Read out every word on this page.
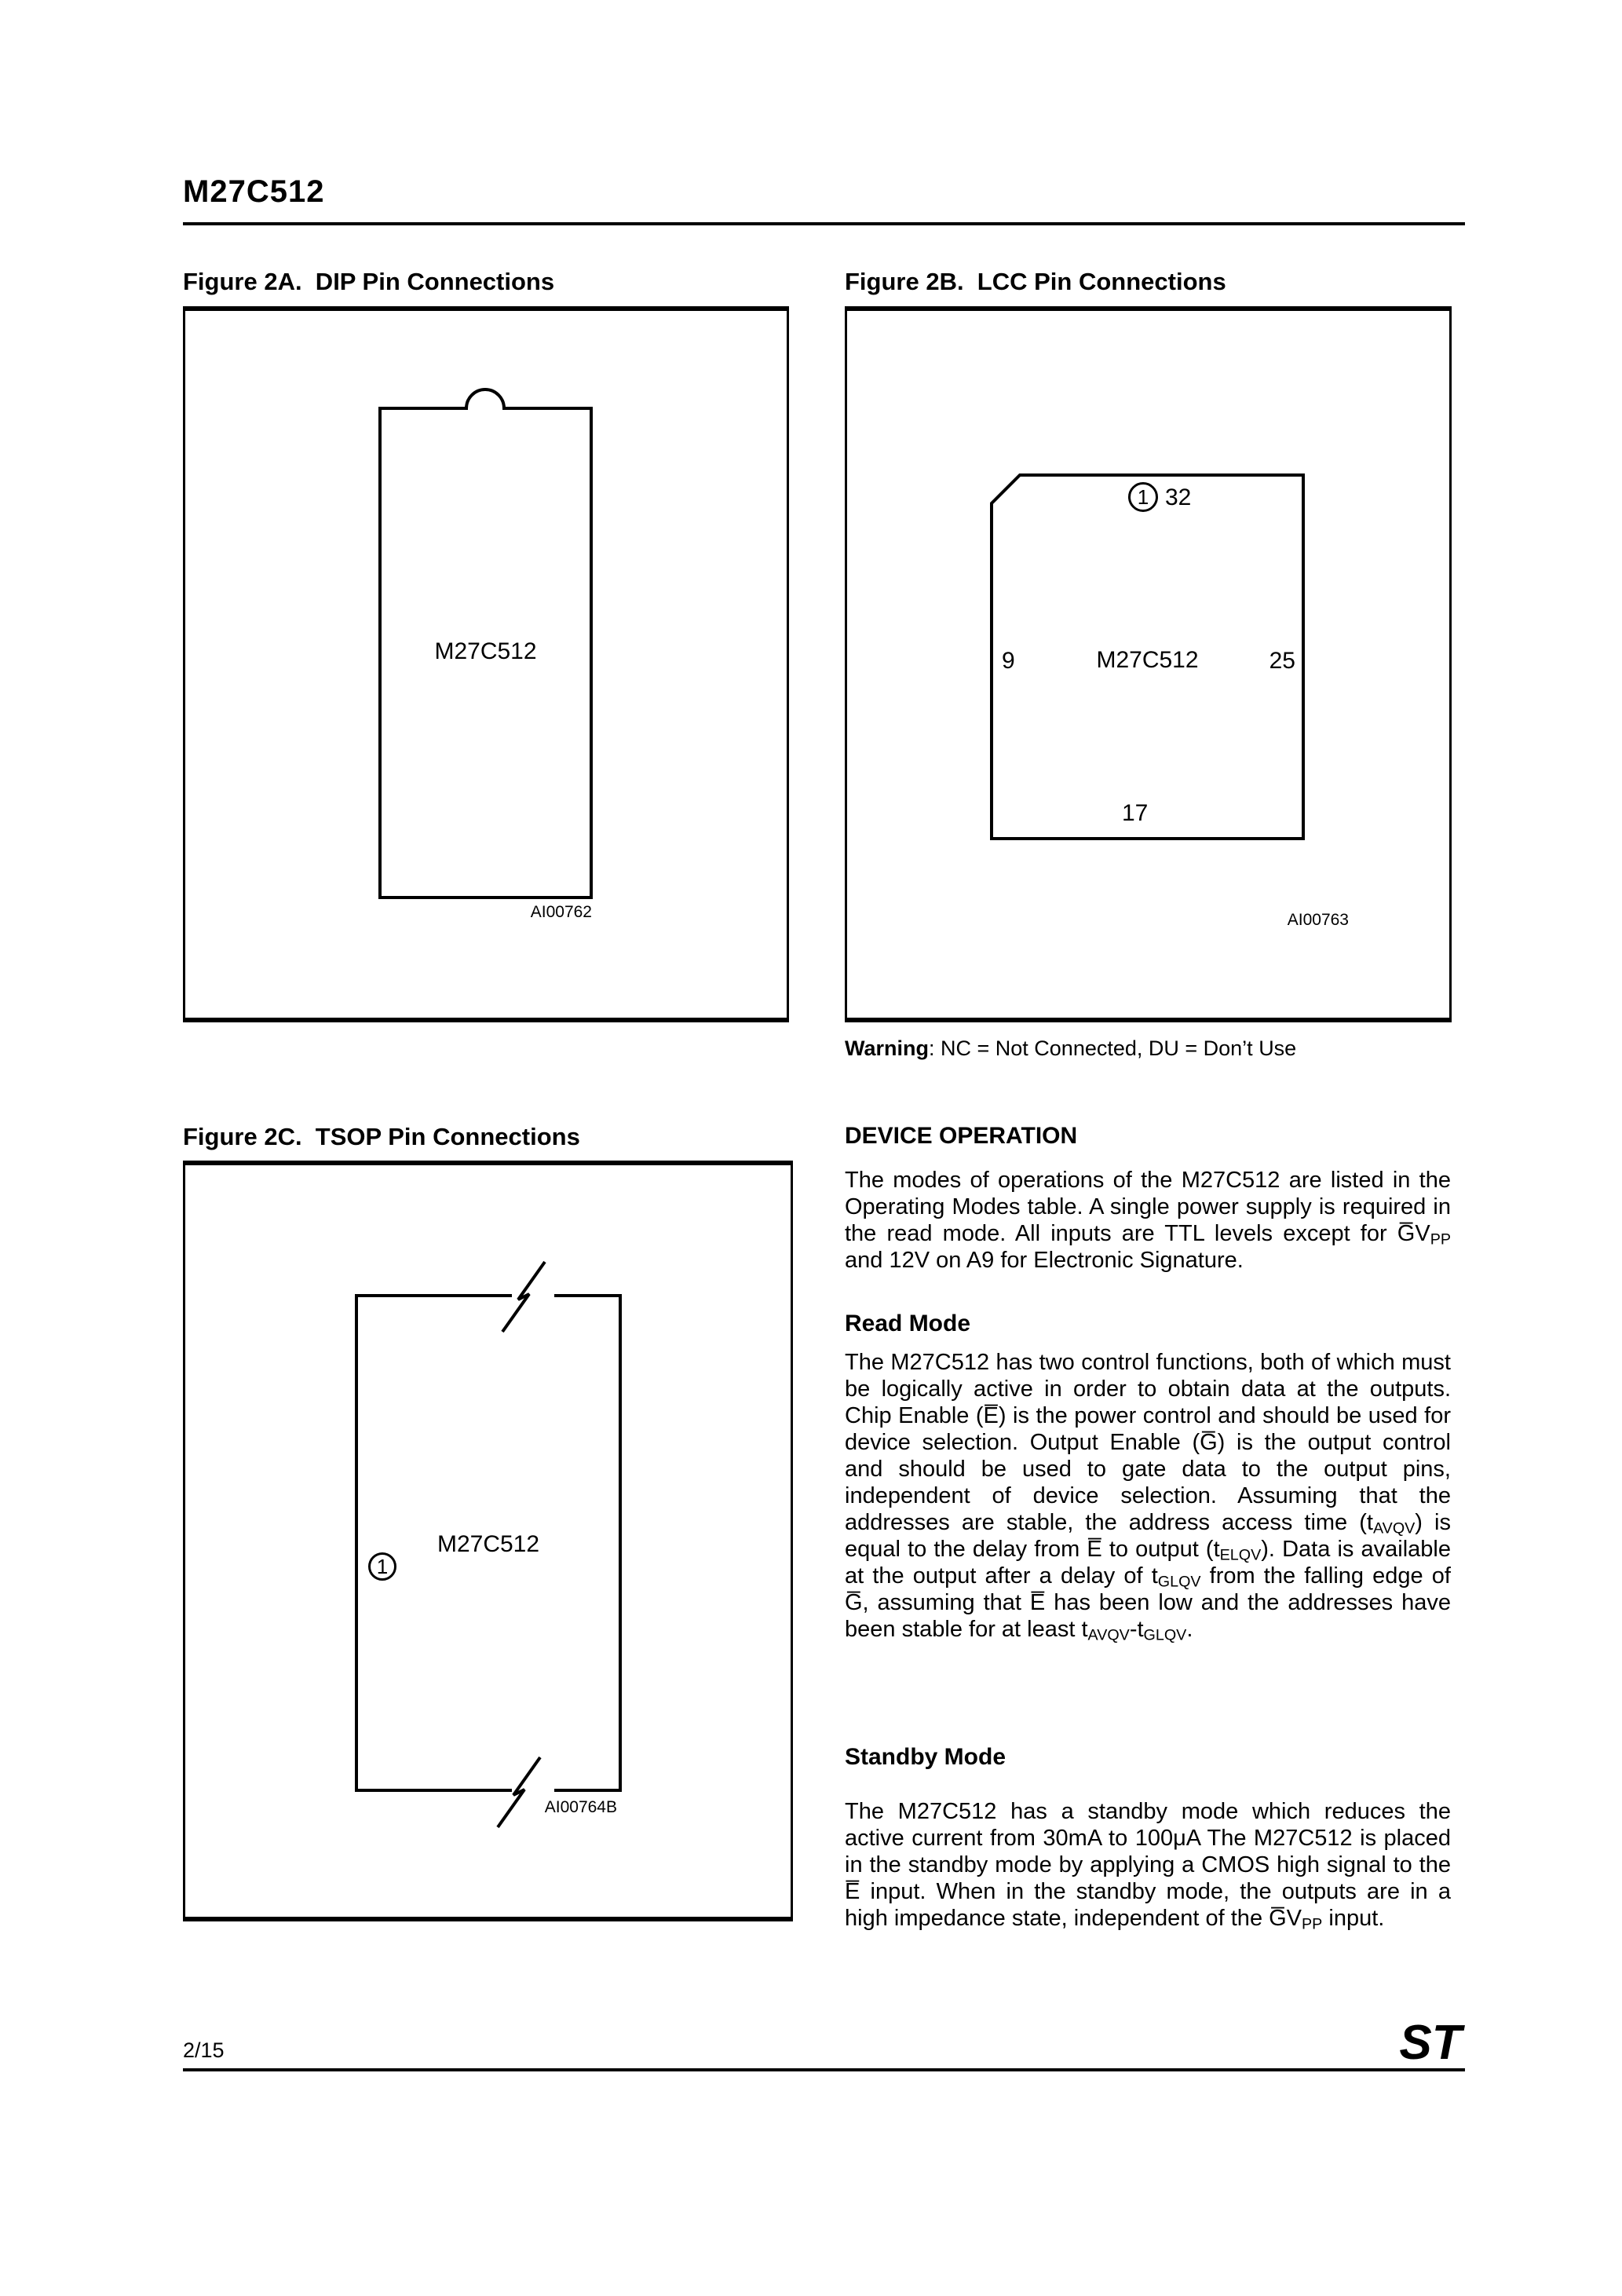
M27C512
Figure 2A.  DIP Pin Connections	Figure 2B.  LCC Pin Connections
Figure 2C.  TSOP Pin Connections
M27C512	M27C512
M27C512
AI00762	AI00763
AI00764B
9	25
17
32
1
1
Warning: NC = Not Connected, DU = Don’t Use
DEVICE OPERATION
The modes of operations of the M27C512 are listed in the Operating Modes table. A single power supply is required in the read mode. All inputs are TTL levels except for $G̅V_{PP}$ and 12V on A9 for Electronic Signature.
Read Mode
The M27C512 has two control functions, both of which must be logically active in order to obtain data at the outputs. Chip Enable (E̅) is the power control and should be used for device selection. Output Enable (G̅) is the output control and should be used to gate data to the output pins, independent of device selection. Assuming that the addresses are stable, the address access time $(t_{AVQV})$ is equal to the delay from E̅ to output $(t_{ELQV})$. Data is available at the output after a delay of $t_{GLQV}$ from the falling edge of G̅, assuming that E̅ has been low and the addresses have been stable for at least $t_{AVQV}-t_{GLQV}$.
Standby Mode
The M27C512 has a standby mode which reduces the active current from 30mA to 100μA The M27C512 is placed in the standby mode by applying a CMOS high signal to the E̅ input. When in the standby mode, the outputs are in a high impedance state, independent of the $G̅V_{PP}$ input.
2/15	ST
